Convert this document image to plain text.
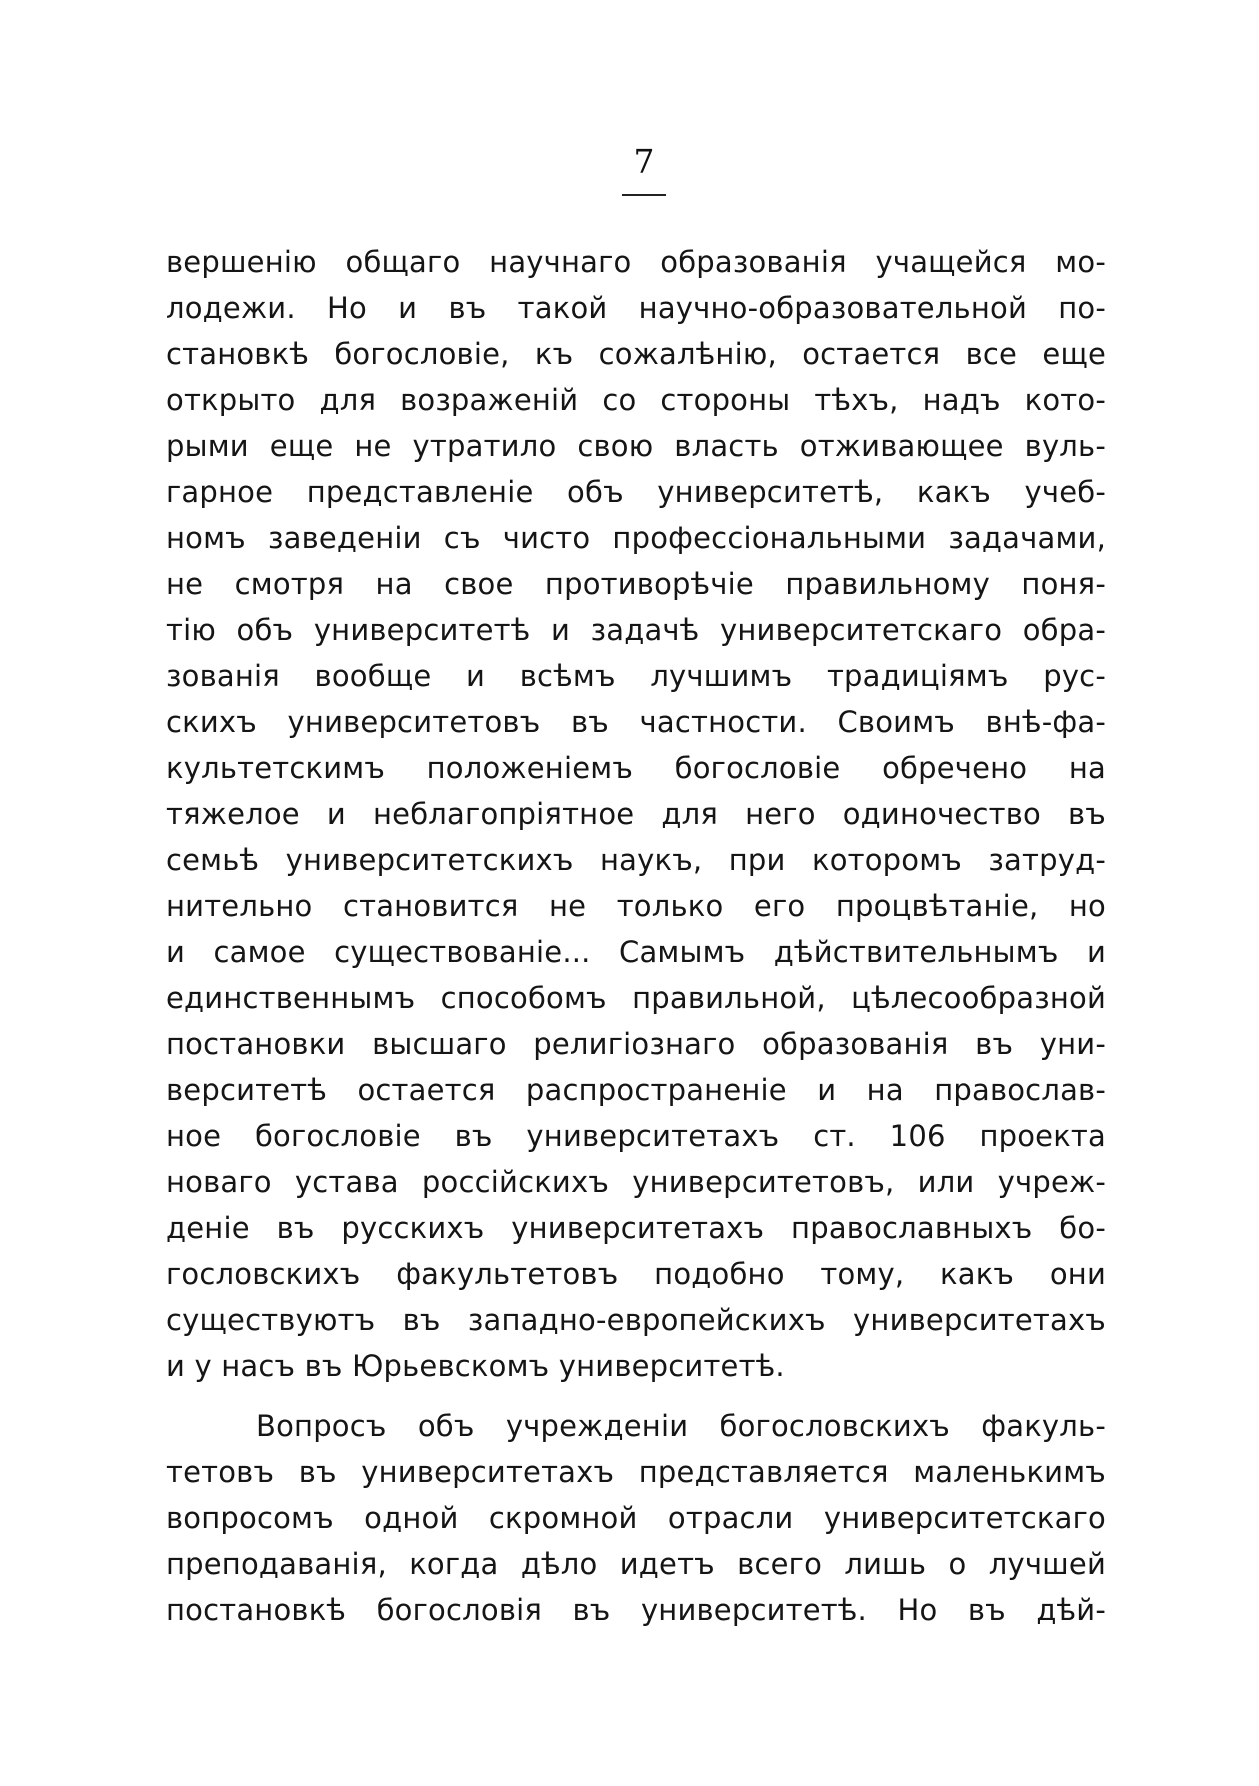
7
вершенію общаго научнаго образованія учащейся мо-
лодежи. Но и въ такой научно-образовательной по-
становкѣ богословіе, къ сожалѣнію, остается все еще
открыто для возраженій со стороны тѣхъ, надъ кото-
рыми еще не утратило свою власть отживающее вуль-
гарное представленіе объ университетѣ, какъ учеб-
номъ заведеніи съ чисто профессіональными задачами,
не смотря на свое противорѣчіе правильному поня-
тію объ университетѣ и задачѣ университетскаго обра-
зованія вообще и всѣмъ лучшимъ традиціямъ рус-
скихъ университетовъ въ частности. Своимъ внѣ-фа-
культетскимъ положеніемъ богословіе обречено на
тяжелое и неблагопріятное для него одиночество въ
семьѣ университетскихъ наукъ, при которомъ затруд-
нительно становится не только его процвѣтаніе, но
и самое существованіе... Самымъ дѣйствительнымъ и
единственнымъ способомъ правильной, цѣлесообразной
постановки высшаго религіознаго образованія въ уни-
верситетѣ остается распространеніе и на православ-
ное богословіе въ университетахъ ст. 106 проекта
новаго устава россійскихъ университетовъ, или учреж-
деніе въ русскихъ университетахъ православныхъ бо-
гословскихъ факультетовъ подобно тому, какъ они
существуютъ въ западно-европейскихъ университетахъ
и у насъ въ Юрьевскомъ университетѣ.
Вопросъ объ учрежденіи богословскихъ факуль-
тетовъ въ университетахъ представляется маленькимъ
вопросомъ одной скромной отрасли университетскаго
преподаванія, когда дѣло идетъ всего лишь о лучшей
постановкѣ богословія въ университетѣ. Но въ дѣй-
